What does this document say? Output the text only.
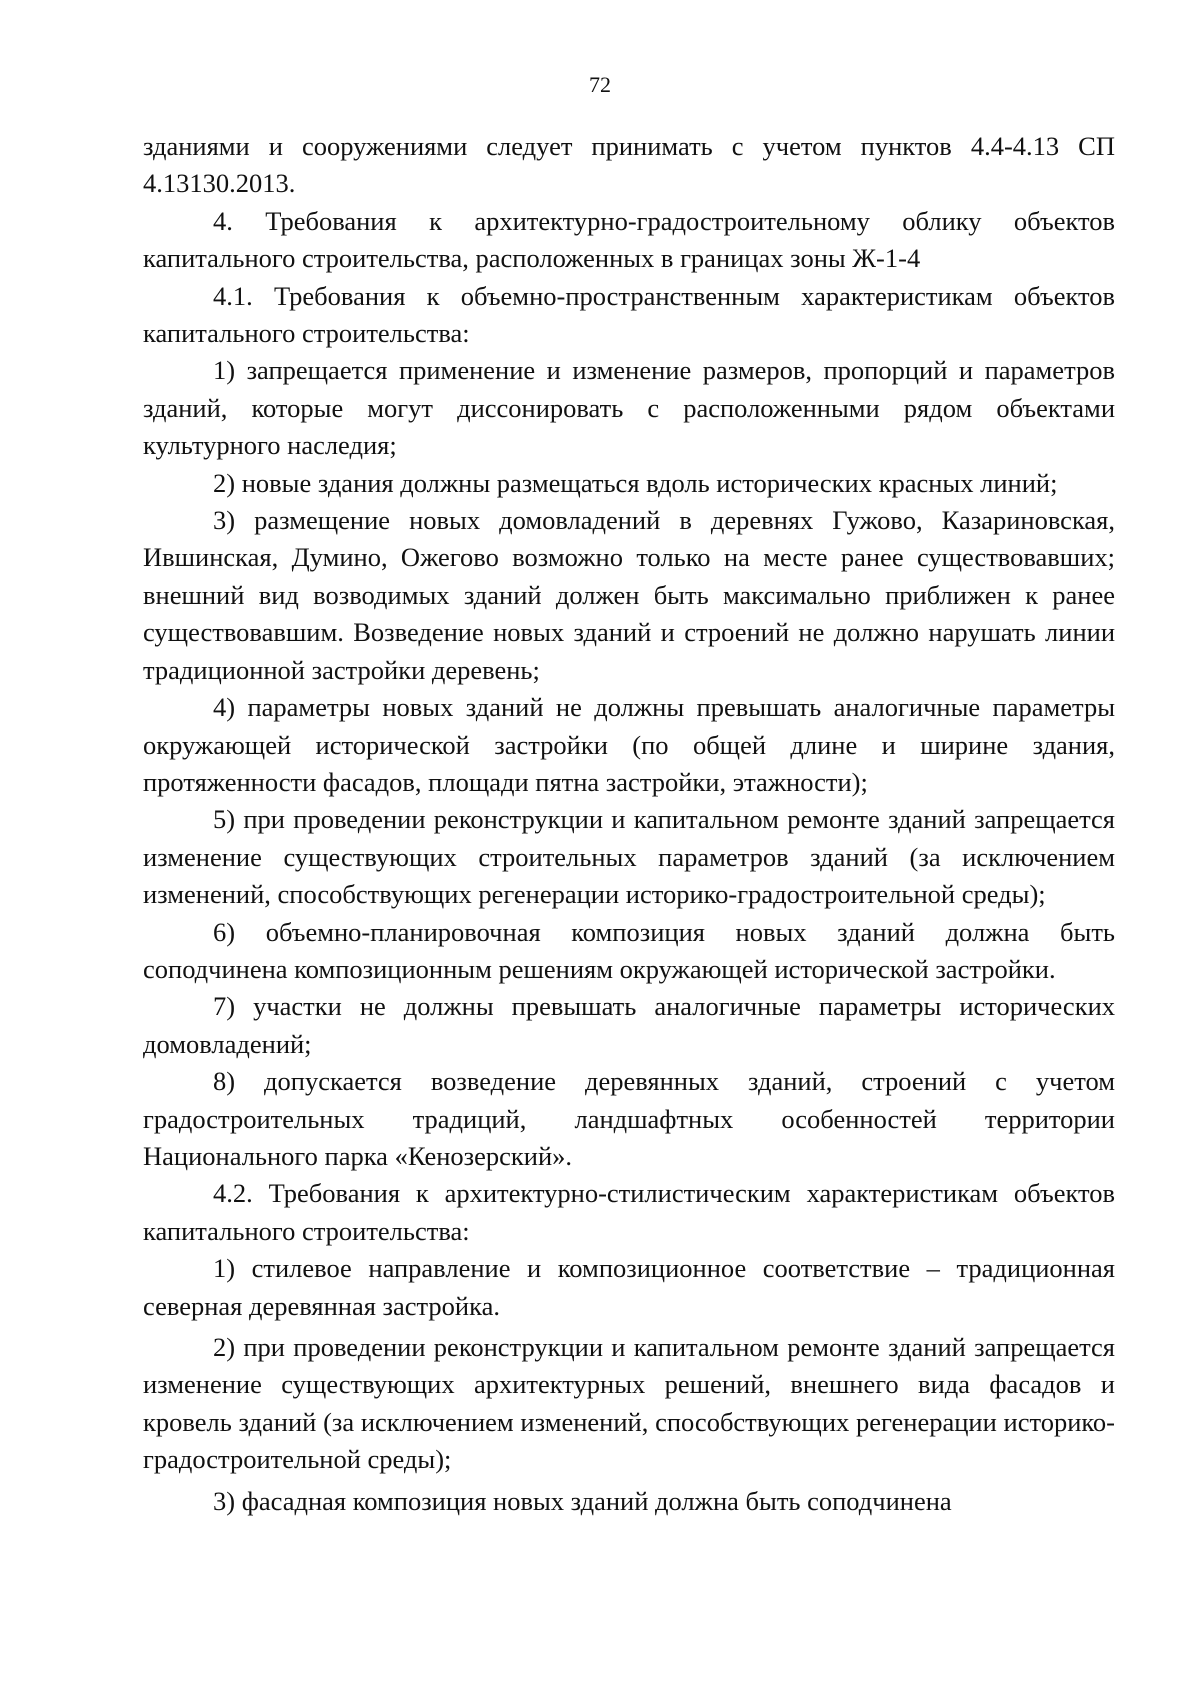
72

зданиями и сооружениями следует принимать с учетом пунктов 4.4-4.13 СП 4.13130.2013.

4. Требования к архитектурно-градостроительному облику объектов капитального строительства, расположенных в границах зоны Ж-1-4

4.1. Требования к объемно-пространственным характеристикам объектов капитального строительства:

1) запрещается применение и изменение размеров, пропорций и параметров зданий, которые могут диссонировать с расположенными рядом объектами культурного наследия;

2) новые здания должны размещаться вдоль исторических красных линий;

3) размещение новых домовладений в деревнях Гужово, Казариновская, Ившинская, Думино, Ожегово возможно только на месте ранее существовавших; внешний вид возводимых зданий должен быть максимально приближен к ранее существовавшим. Возведение новых зданий и строений не должно нарушать линии традиционной застройки деревень;

4) параметры новых зданий не должны превышать аналогичные параметры окружающей исторической застройки (по общей длине и ширине здания, протяженности фасадов, площади пятна застройки, этажности);

5) при проведении реконструкции и капитальном ремонте зданий запрещается изменение существующих строительных параметров зданий (за исключением изменений, способствующих регенерации историко-градостроительной среды);

6) объемно-планировочная композиция новых зданий должна быть соподчинена композиционным решениям окружающей исторической застройки.

7) участки не должны превышать аналогичные параметры исторических домовладений;

8) допускается возведение деревянных зданий, строений с учетом градостроительных традиций, ландшафтных особенностей территории Национального парка «Кенозерский».

4.2. Требования к архитектурно-стилистическим характеристикам объектов капитального строительства:

1) стилевое направление и композиционное соответствие – традиционная северная деревянная застройка.

2) при проведении реконструкции и капитальном ремонте зданий запрещается изменение существующих архитектурных решений, внешнего вида фасадов и кровель зданий (за исключением изменений, способствующих регенерации историко-градостроительной среды);

3) фасадная композиция новых зданий должна быть соподчинена
